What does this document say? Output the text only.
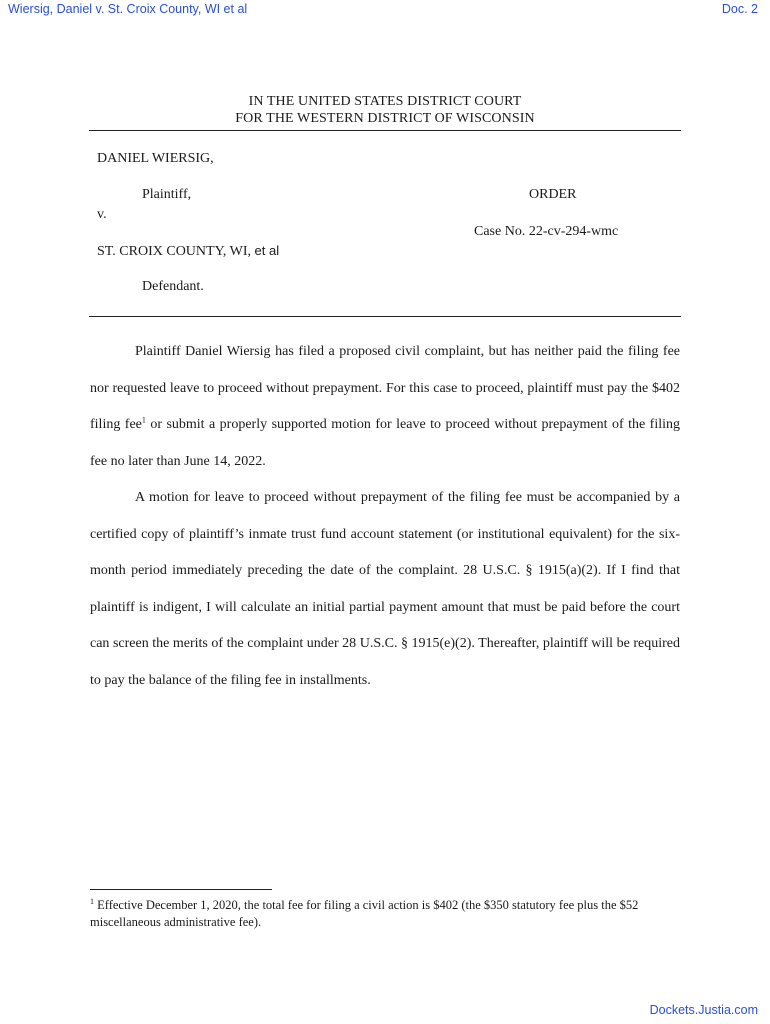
Wiersig, Daniel v. St. Croix County, WI et al	Doc. 2
IN THE UNITED STATES DISTRICT COURT
FOR THE WESTERN DISTRICT OF WISCONSIN
DANIEL WIERSIG,
Plaintiff,	ORDER
v.
Case No. 22-cv-294-wmc
ST. CROIX COUNTY, WI, et al
Defendant.

Plaintiff Daniel Wiersig has filed a proposed civil complaint, but has neither paid the filing fee nor requested leave to proceed without prepayment. For this case to proceed, plaintiff must pay the $402 filing fee$^1$ or submit a properly supported motion for leave to proceed without prepayment of the filing fee no later than June 14, 2022.

A motion for leave to proceed without prepayment of the filing fee must be accompanied by a certified copy of plaintiff’s inmate trust fund account statement (or institutional equivalent) for the six-month period immediately preceding the date of the complaint. 28 U.S.C. § 1915(a)(2). If I find that plaintiff is indigent, I will calculate an initial partial payment amount that must be paid before the court can screen the merits of the complaint under 28 U.S.C. § 1915(e)(2). Thereafter, plaintiff will be required to pay the balance of the filing fee in installments.

$^1$ Effective December 1, 2020, the total fee for filing a civil action is $402 (the $350 statutory fee plus the $52 miscellaneous administrative fee).
Dockets.Justia.com
